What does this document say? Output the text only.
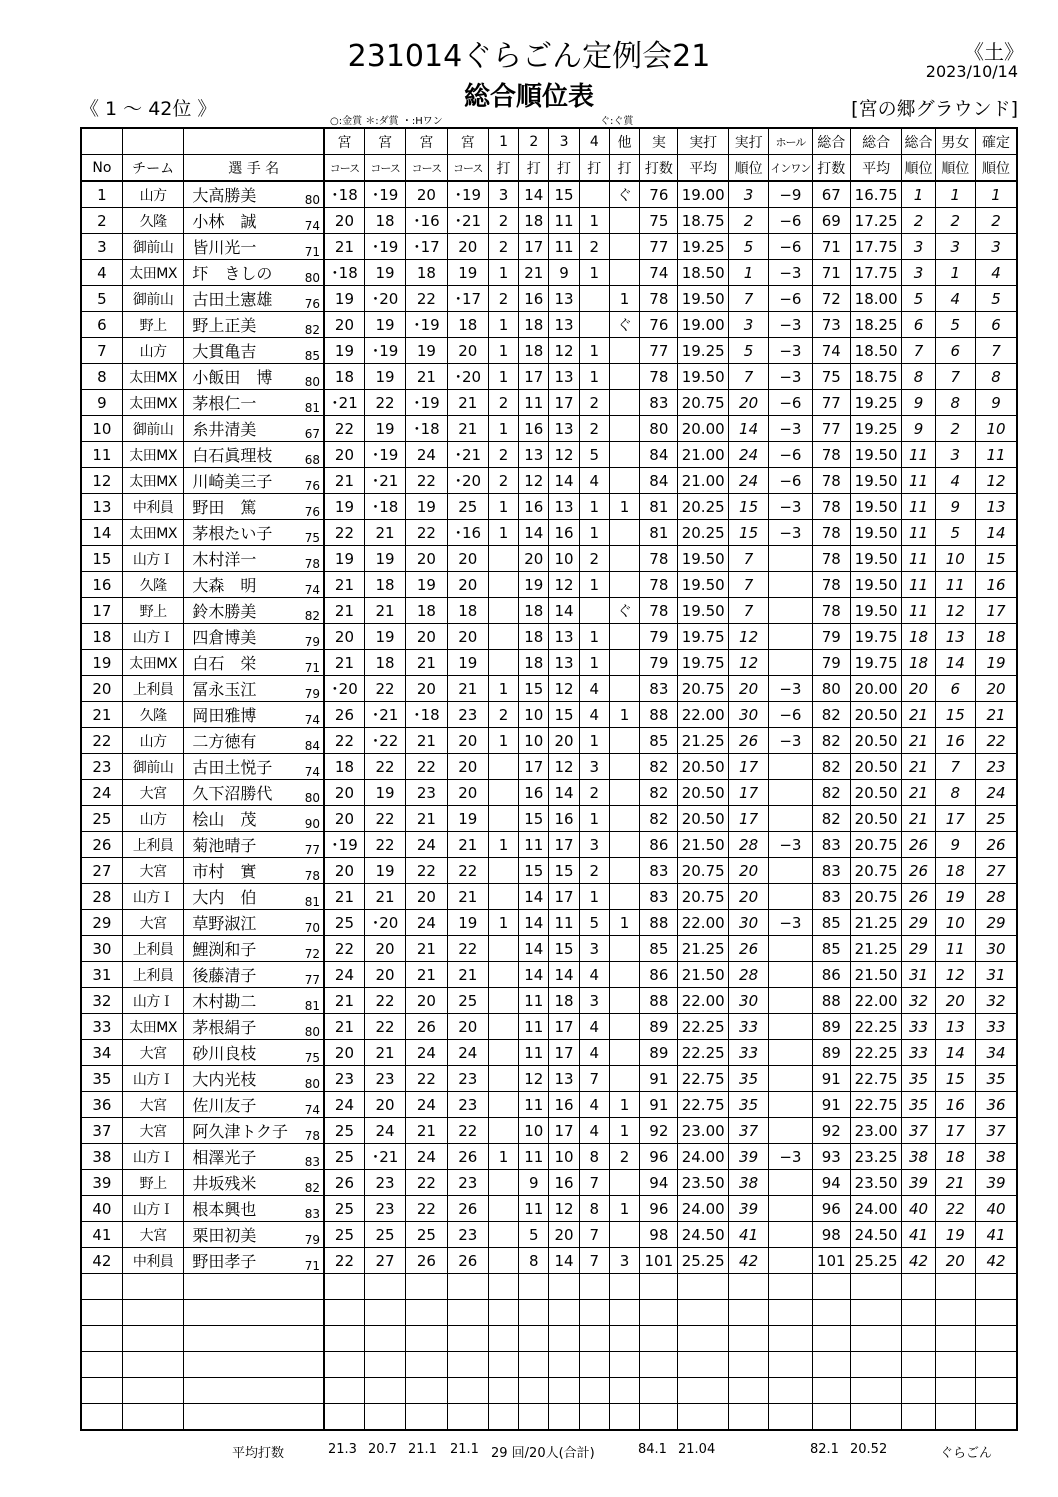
231014ぐらごん定例会21	《土》
2023/10/14
《 1 ～ 42位 》	総合順位表	[宮の郷グラウンド]
○:金賞 ＊:ダ賞 ・:Hワン	ぐ:ぐ賞
				宮	宮	宮	宮	1	2	3	4	他	実	実打	実打	ホール	総合	総合	総合	男女	確定
No	チーム	選 手 名		コース	コース	コース	コース	打	打	打	打	打	打数	平均	順位	インワン	打数	平均	順位	順位	順位
1	山方	大高勝美	80	･18	･19	20	･19	3	14	15		ぐ	76	19.00	3	−9	67	16.75	1	1	1
2	久隆	小林　誠	74	20	18	･16	･21	2	18	11	1		75	18.75	2	−6	69	17.25	2	2	2
3	御前山	皆川光一	71	21	･19	･17	20	2	17	11	2		77	19.25	5	−6	71	17.75	3	3	3
4	太田MX	圷　きしの	80	･18	19	18	19	1	21	9	1		74	18.50	1	−3	71	17.75	3	1	4
5	御前山	古田土憲雄	76	19	･20	22	･17	2	16	13		1	78	19.50	7	−6	72	18.00	5	4	5
6	野上	野上正美	82	20	19	･19	18	1	18	13		ぐ	76	19.00	3	−3	73	18.25	6	5	6
7	山方	大貫亀吉	85	19	･19	19	20	1	18	12	1		77	19.25	5	−3	74	18.50	7	6	7
8	太田MX	小飯田　博	80	18	19	21	･20	1	17	13	1		78	19.50	7	−3	75	18.75	8	7	8
9	太田MX	茅根仁一	81	･21	22	･19	21	2	11	17	2		83	20.75	20	−6	77	19.25	9	8	9
10	御前山	糸井清美	67	22	19	･18	21	1	16	13	2		80	20.00	14	−3	77	19.25	9	2	10
11	太田MX	白石眞理枝	68	20	･19	24	･21	2	13	12	5		84	21.00	24	−6	78	19.50	11	3	11
12	太田MX	川崎美三子	76	21	･21	22	･20	2	12	14	4		84	21.00	24	−6	78	19.50	11	4	12
13	中利員	野田　篤	76	19	･18	19	25	1	16	13	1	1	81	20.25	15	−3	78	19.50	11	9	13
14	太田MX	茅根たい子	75	22	21	22	･16	1	14	16	1		81	20.25	15	−3	78	19.50	11	5	14
15	山方Ｉ	木村洋一	78	19	19	20	20		20	10	2		78	19.50	7		78	19.50	11	10	15
16	久隆	大森　明	74	21	18	19	20		19	12	1		78	19.50	7		78	19.50	11	11	16
17	野上	鈴木勝美	82	21	21	18	18		18	14		ぐ	78	19.50	7		78	19.50	11	12	17
18	山方Ｉ	四倉博美	79	20	19	20	20		18	13	1		79	19.75	12		79	19.75	18	13	18
19	太田MX	白石　栄	71	21	18	21	19		18	13	1		79	19.75	12		79	19.75	18	14	19
20	上利員	冨永玉江	79	･20	22	20	21	1	15	12	4		83	20.75	20	−3	80	20.00	20	6	20
21	久隆	岡田雅博	74	26	･21	･18	23	2	10	15	4	1	88	22.00	30	−6	82	20.50	21	15	21
22	山方	二方徳有	84	22	･22	21	20	1	10	20	1		85	21.25	26	−3	82	20.50	21	16	22
23	御前山	古田土悦子	74	18	22	22	20		17	12	3		82	20.50	17		82	20.50	21	7	23
24	大宮	久下沼勝代	80	20	19	23	20		16	14	2		82	20.50	17		82	20.50	21	8	24
25	山方	桧山　茂	90	20	22	21	19		15	16	1		82	20.50	17		82	20.50	21	17	25
26	上利員	菊池晴子	77	･19	22	24	21	1	11	17	3		86	21.50	28	−3	83	20.75	26	9	26
27	大宮	市村　實	78	20	19	22	22		15	15	2		83	20.75	20		83	20.75	26	18	27
28	山方Ｉ	大内　伯	81	21	21	20	21		14	17	1		83	20.75	20		83	20.75	26	19	28
29	大宮	草野淑江	70	25	･20	24	19	1	14	11	5	1	88	22.00	30	−3	85	21.25	29	10	29
30	上利員	鯉渕和子	72	22	20	21	22		14	15	3		85	21.25	26		85	21.25	29	11	30
31	上利員	後藤清子	77	24	20	21	21		14	14	4		86	21.50	28		86	21.50	31	12	31
32	山方Ｉ	木村勘二	81	21	22	20	25		11	18	3		88	22.00	30		88	22.00	32	20	32
33	太田MX	茅根絹子	80	21	22	26	20		11	17	4		89	22.25	33		89	22.25	33	13	33
34	大宮	砂川良枝	75	20	21	24	24		11	17	4		89	22.25	33		89	22.25	33	14	34
35	山方Ｉ	大内光枝	80	23	23	22	23		12	13	7		91	22.75	35		91	22.75	35	15	35
36	大宮	佐川友子	74	24	20	24	23		11	16	4	1	91	22.75	35		91	22.75	35	16	36
37	大宮	阿久津トク子	78	25	24	21	22		10	17	4	1	92	23.00	37		92	23.00	37	17	37
38	山方Ｉ	相澤光子	83	25	･21	24	26	1	11	10	8	2	96	24.00	39	−3	93	23.25	38	18	38
39	野上	井坂残米	82	26	23	22	23		9	16	7		94	23.50	38		94	23.50	39	21	39
40	山方Ｉ	根本興也	83	25	23	22	26		11	12	8	1	96	24.00	39		96	24.00	40	22	40
41	大宮	栗田初美	79	25	25	25	23		5	20	7		98	24.50	41		98	24.50	41	19	41
42	中利員	野田孝子	71	22	27	26	26		8	14	7	3	101	25.25	42		101	25.25	42	20	42

平均打数	21.3 20.7 21.1 21.1 29 回/20人(合計)	84.1 21.04	82.1 20.52	ぐらごん
